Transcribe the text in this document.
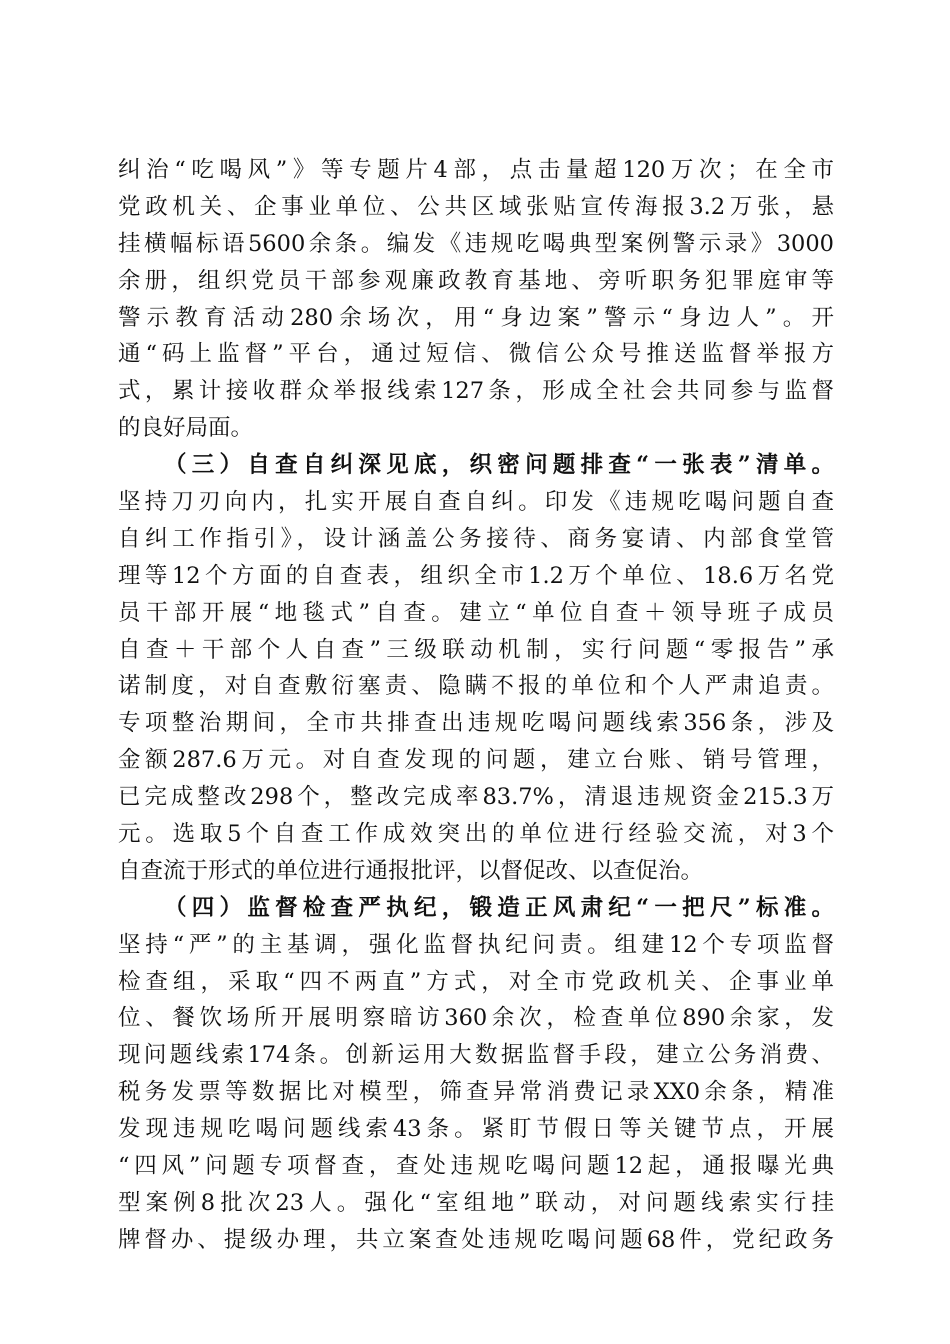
纠治“吃喝风”》等专题片4部，点击量超120万次；在全市
党政机关、企事业单位、公共区域张贴宣传海报3.2万张，悬
挂横幅标语5600余条。编发《违规吃喝典型案例警示录》3000
余册，组织党员干部参观廉政教育基地、旁听职务犯罪庭审等
警示教育活动280余场次，用“身边案”警示“身边人”。开
通“码上监督”平台，通过短信、微信公众号推送监督举报方
式，累计接收群众举报线索127条，形成全社会共同参与监督
的良好局面。
（三）自查自纠深见底，织密问题排查“一张表”清单。
坚持刀刃向内，扎实开展自查自纠。印发《违规吃喝问题自查
自纠工作指引》，设计涵盖公务接待、商务宴请、内部食堂管
理等12个方面的自查表，组织全市1.2万个单位、18.6万名党
员干部开展“地毯式”自查。建立“单位自查＋领导班子成员
自查＋干部个人自查”三级联动机制，实行问题“零报告”承
诺制度，对自查敷衍塞责、隐瞒不报的单位和个人严肃追责。
专项整治期间，全市共排查出违规吃喝问题线索356条，涉及
金额287.6万元。对自查发现的问题，建立台账、销号管理，
已完成整改298个，整改完成率83.7%，清退违规资金215.3万
元。选取5个自查工作成效突出的单位进行经验交流，对3个
自查流于形式的单位进行通报批评，以督促改、以查促治。
（四）监督检查严执纪，锻造正风肃纪“一把尺”标准。
坚持“严”的主基调，强化监督执纪问责。组建12个专项监督
检查组，采取“四不两直”方式，对全市党政机关、企事业单
位、餐饮场所开展明察暗访360余次，检查单位890余家，发
现问题线索174条。创新运用大数据监督手段，建立公务消费、
税务发票等数据比对模型，筛查异常消费记录XX0余条，精准
发现违规吃喝问题线索43条。紧盯节假日等关键节点，开展
“四风”问题专项督查，查处违规吃喝问题12起，通报曝光典
型案例8批次23人。强化“室组地”联动，对问题线索实行挂
牌督办、提级办理，共立案查处违规吃喝问题68件，党纪政务
